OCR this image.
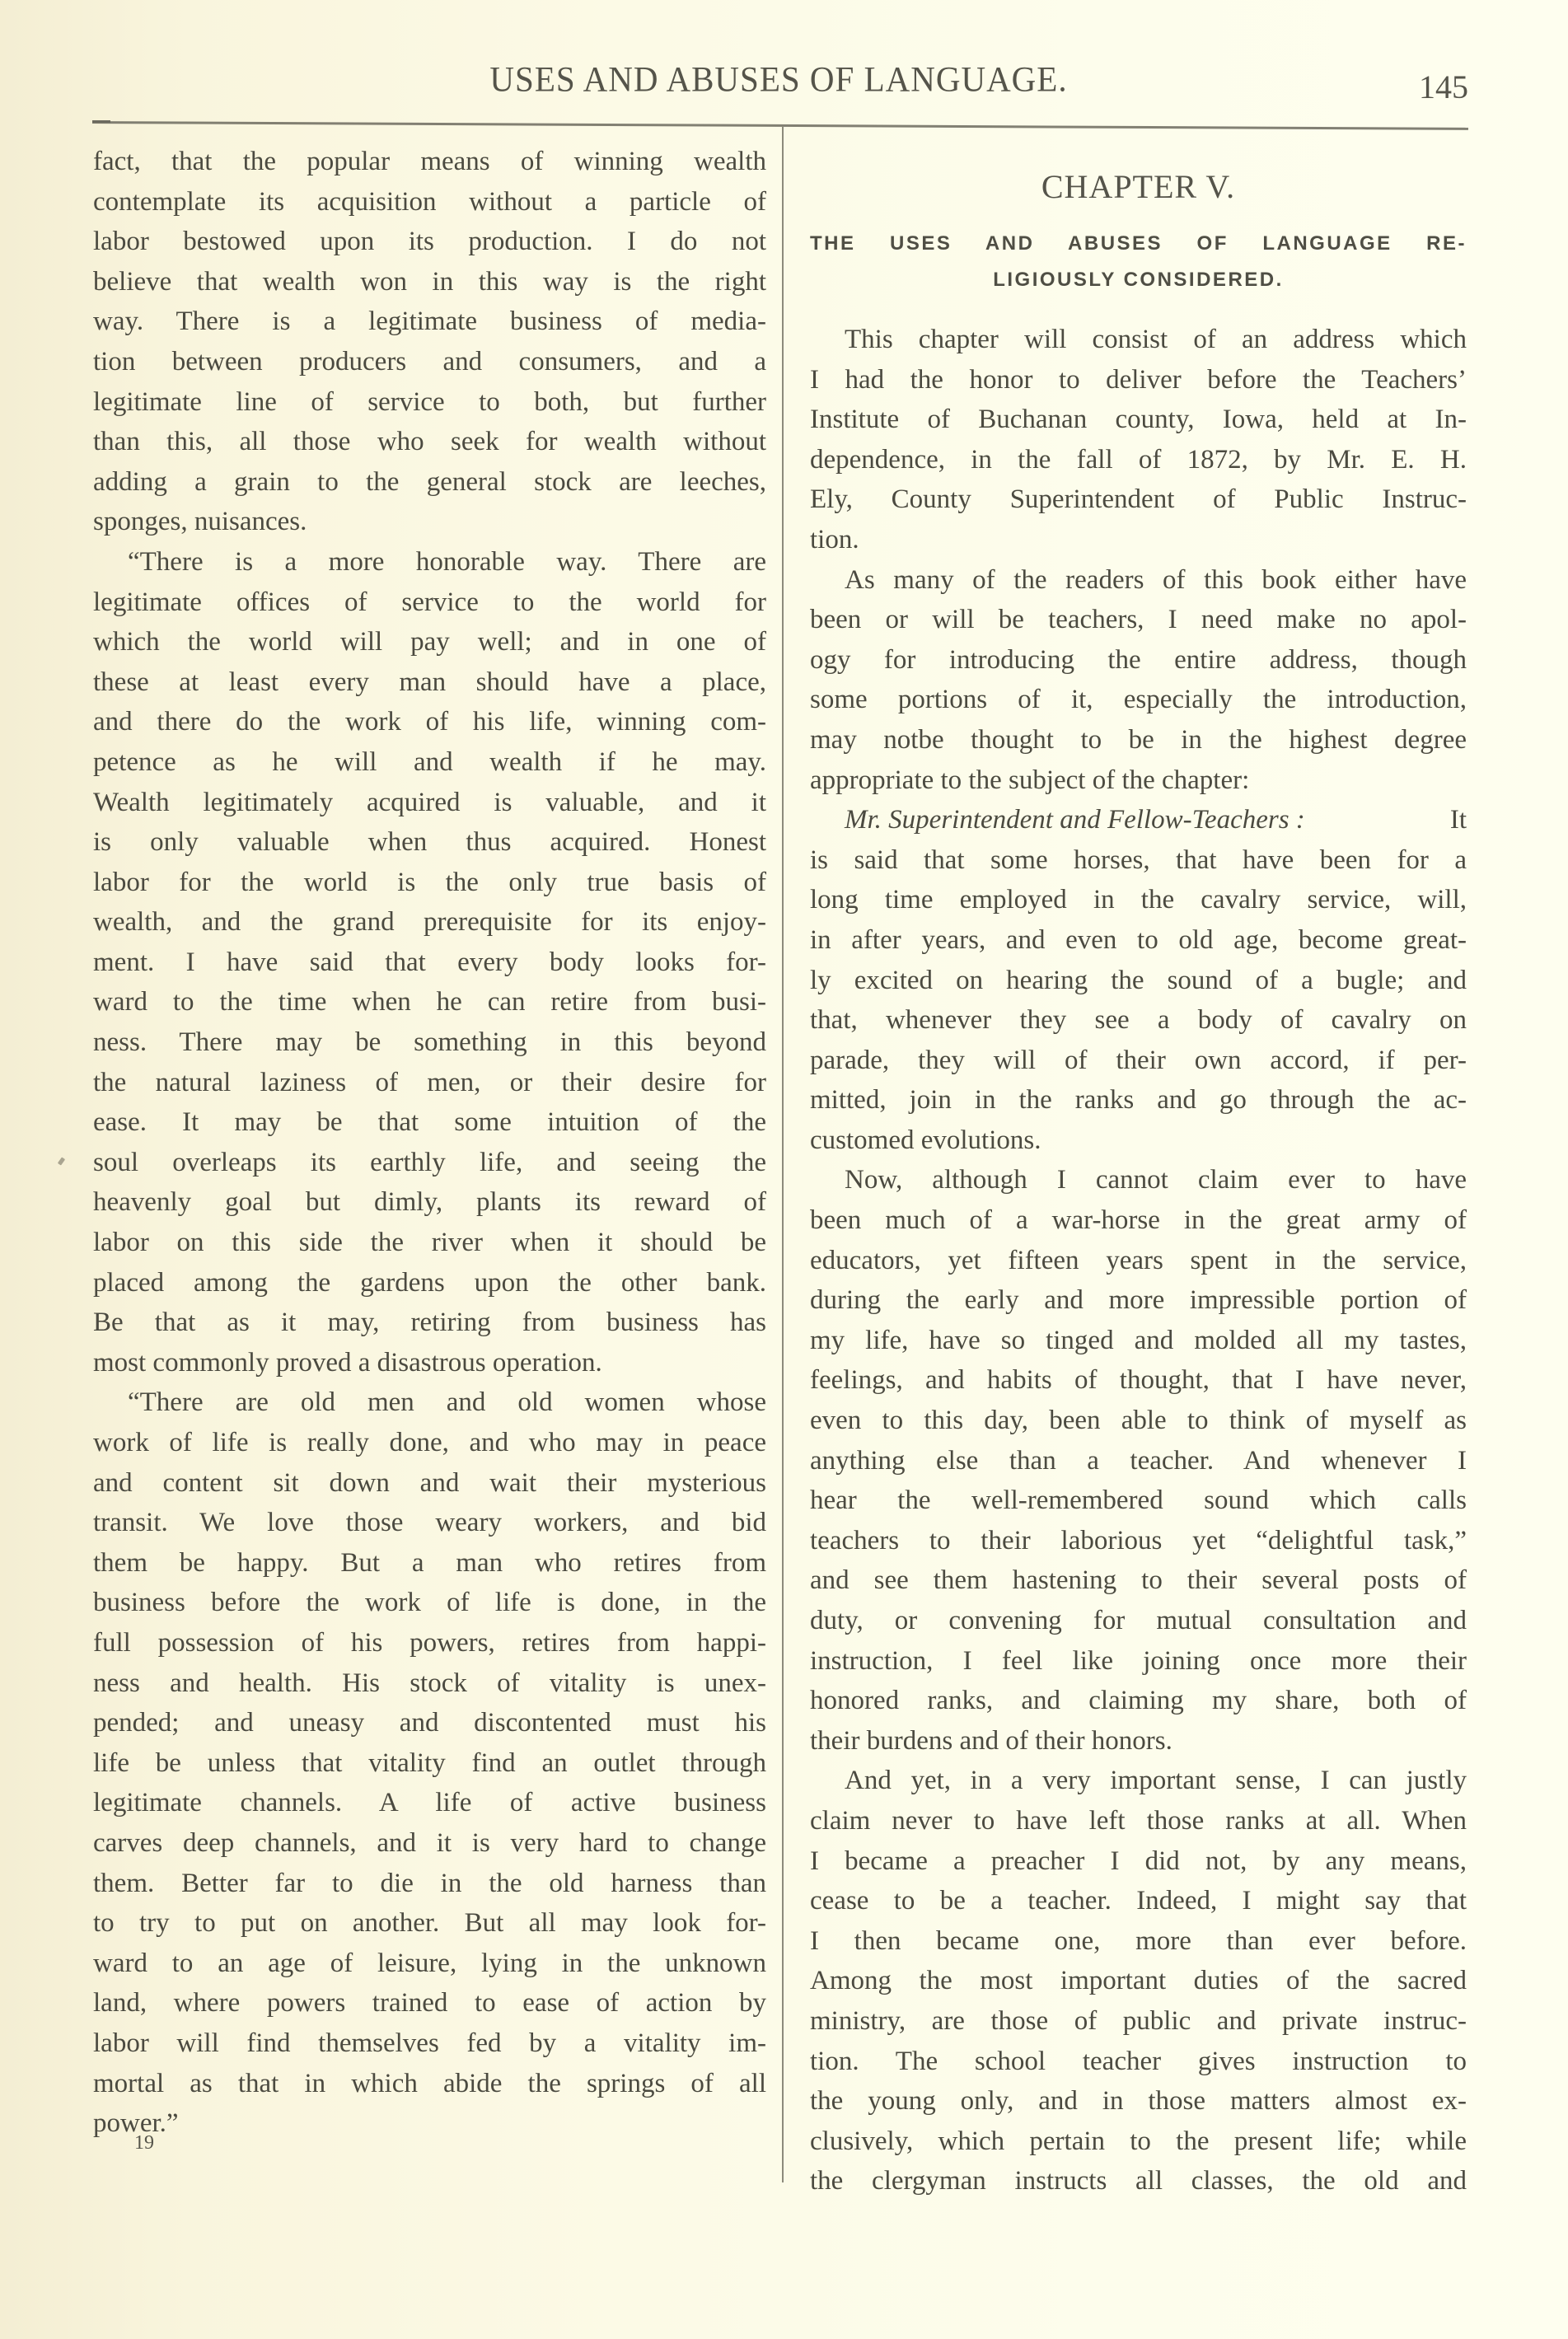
USES AND ABUSES OF LANGUAGE.	145
fact, that the popular means of winning wealth
contemplate its acquisition without a particle of
labor bestowed upon its production. I do not
believe that wealth won in this way is the right
way. There is a legitimate business of media-
tion between producers and consumers, and a
legitimate line of service to both, but further
than this, all those who seek for wealth without
adding a grain to the general stock are leeches,
sponges, nuisances.
“There is a more honorable way. There are
legitimate offices of service to the world for
which the world will pay well; and in one of
these at least every man should have a place,
and there do the work of his life, winning com-
petence as he will and wealth if he may.
Wealth legitimately acquired is valuable, and it
is only valuable when thus acquired. Honest
labor for the world is the only true basis of
wealth, and the grand prerequisite for its enjoy-
ment. I have said that every body looks for-
ward to the time when he can retire from busi-
ness. There may be something in this beyond
the natural laziness of men, or their desire for
ease. It may be that some intuition of the
soul overleaps its earthly life, and seeing the
heavenly goal but dimly, plants its reward of
labor on this side the river when it should be
placed among the gardens upon the other bank.
Be that as it may, retiring from business has
most commonly proved a disastrous operation.
“There are old men and old women whose
work of life is really done, and who may in peace
and content sit down and wait their mysterious
transit. We love those weary workers, and bid
them be happy. But a man who retires from
business before the work of life is done, in the
full possession of his powers, retires from happi-
ness and health. His stock of vitality is unex-
pended; and uneasy and discontented must his
life be unless that vitality find an outlet through
legitimate channels. A life of active business
carves deep channels, and it is very hard to change
them. Better far to die in the old harness than
to try to put on another. But all may look for-
ward to an age of leisure, lying in the unknown
land, where powers trained to ease of action by
labor will find themselves fed by a vitality im-
mortal as that in which abide the springs of all
power.”
19
CHAPTER V.
THE USES AND ABUSES OF LANGUAGE RE-
LIGIOUSLY CONSIDERED.
This chapter will consist of an address which
I had the honor to deliver before the Teachers’
Institute of Buchanan county, Iowa, held at In-
dependence, in the fall of 1872, by Mr. E. H.
Ely, County Superintendent of Public Instruc-
tion.
As many of the readers of this book either have
been or will be teachers, I need make no apol-
ogy for introducing the entire address, though
some portions of it, especially the introduction,
may notbe thought to be in the highest degree
appropriate to the subject of the chapter:
Mr. Superintendent and Fellow-Teachers :	It
is said that some horses, that have been for a
long time employed in the cavalry service, will,
in after years, and even to old age, become great-
ly excited on hearing the sound of a bugle; and
that, whenever they see a body of cavalry on
parade, they will of their own accord, if per-
mitted, join in the ranks and go through the ac-
customed evolutions.
Now, although I cannot claim ever to have
been much of a war-horse in the great army of
educators, yet fifteen years spent in the service,
during the early and more impressible portion of
my life, have so tinged and molded all my tastes,
feelings, and habits of thought, that I have never,
even to this day, been able to think of myself as
anything else than a teacher. And whenever I
hear the well-remembered sound which calls
teachers to their laborious yet “delightful task,”
and see them hastening to their several posts of
duty, or convening for mutual consultation and
instruction, I feel like joining once more their
honored ranks, and claiming my share, both of
their burdens and of their honors.
And yet, in a very important sense, I can justly
claim never to have left those ranks at all. When
I became a preacher I did not, by any means,
cease to be a teacher. Indeed, I might say that
I then became one, more than ever before.
Among the most important duties of the sacred
ministry, are those of public and private instruc-
tion. The school teacher gives instruction to
the young only, and in those matters almost ex-
clusively, which pertain to the present life; while
the clergyman instructs all classes, the old and
